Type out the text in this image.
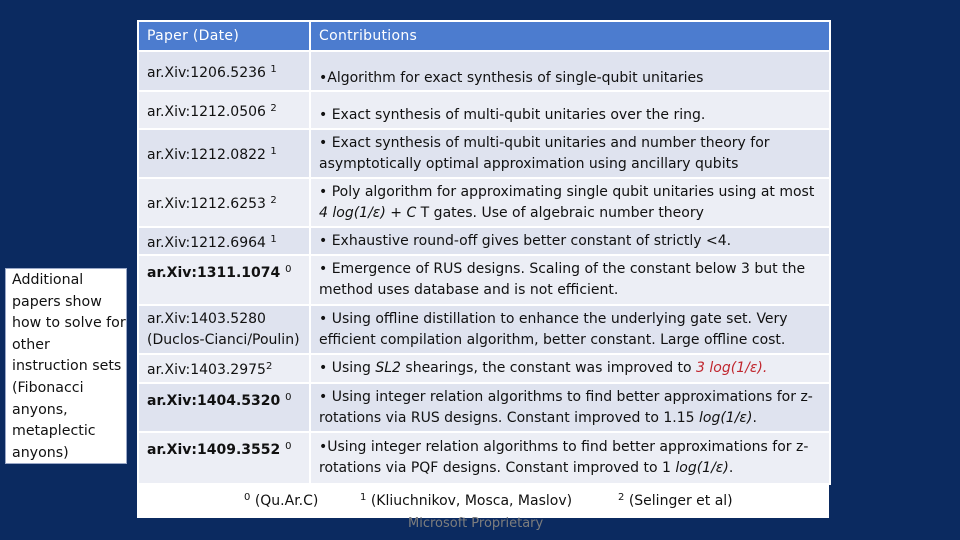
Additional papers show how to solve for other instruction sets (Fibonacci anyons, metaplectic anyons)
Paper (Date)	Contributions
ar.Xiv:1206.5236 $^1$	•Algorithm for exact synthesis of single-qubit unitaries
ar.Xiv:1212.0506 $^2$	• Exact synthesis of multi-qubit unitaries over the ring.
ar.Xiv:1212.0822 $^1$	• Exact synthesis of multi-qubit unitaries and number theory for asymptotically optimal approximation using ancillary qubits
ar.Xiv:1212.6253 $^2$	• Poly algorithm for approximating single qubit unitaries using at most 4 log(1/ε) + C T gates. Use of algebraic number theory
ar.Xiv:1212.6964 $^1$	• Exhaustive round-off gives better constant of strictly <4.
ar.Xiv:1311.1074 $^0$	• Emergence of RUS designs. Scaling of the constant below 3 but the method uses database and is not efficient.
ar.Xiv:1403.5280 (Duclos-Cianci/Poulin)	• Using offline distillation to enhance the underlying gate set. Very efficient compilation algorithm, better constant. Large offline cost.
ar.Xiv:1403.2975$^2$	• Using SL2 shearings, the constant was improved to 3 log(1/ε).
ar.Xiv:1404.5320 $^0$	• Using integer relation algorithms to find better approximations for z-rotations via RUS designs. Constant improved to 1.15 log(1/ε).
ar.Xiv:1409.3552 $^0$	•Using integer relation algorithms to find better approximations for z-rotations via PQF designs. Constant improved to 1 log(1/ε).
$^0$ (Qu.Ar.C)	$^1$ (Kliuchnikov, Mosca, Maslov)	$^2$ (Selinger et al)
Microsoft Proprietary
